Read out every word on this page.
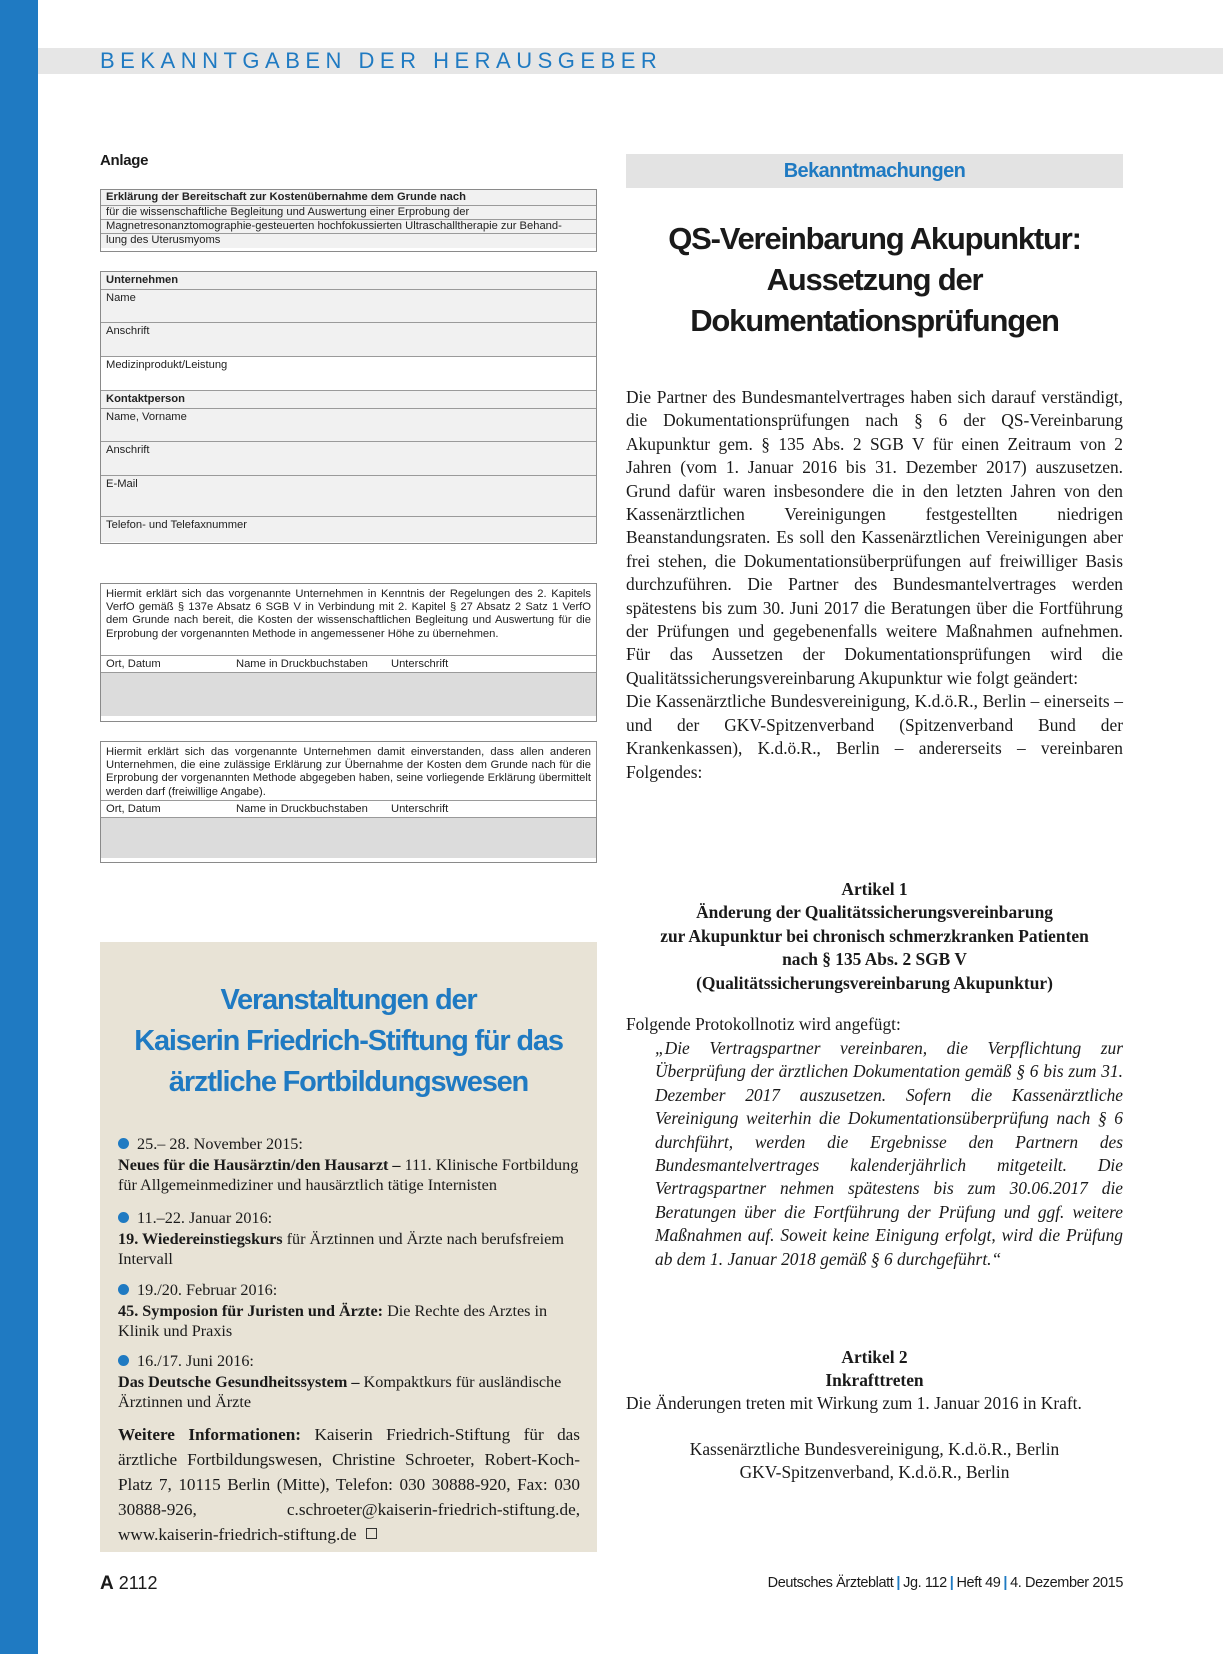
BEKANNTGABEN DER HERAUSGEBER
Anlage
Erklärung der Bereitschaft zur Kostenübernahme dem Grunde nach
für die wissenschaftliche Begleitung und Auswertung einer Erprobung der
Magnetresonanztomographie-gesteuerten hochfokussierten Ultraschalltherapie zur Behand-
lung des Uterusmyoms
Unternehmen
Name
Anschrift
Medizinprodukt/Leistung
Kontaktperson
Name, Vorname
Anschrift
E-Mail
Telefon- und Telefaxnummer
Hiermit erklärt sich das vorgenannte Unternehmen in Kenntnis der Regelungen des 2. Kapitels VerfO gemäß § 137e Absatz 6 SGB V in Verbindung mit 2. Kapitel § 27 Absatz 2 Satz 1 VerfO dem Grunde nach bereit, die Kosten der wissenschaftlichen Begleitung und Auswertung für die Erprobung der vorgenannten Methode in angemessener Höhe zu übernehmen.
Ort, Datum	Name in Druckbuchstaben	Unterschrift
Hiermit erklärt sich das vorgenannte Unternehmen damit einverstanden, dass allen anderen Unternehmen, die eine zulässige Erklärung zur Übernahme der Kosten dem Grunde nach für die Erprobung der vorgenannten Methode abgegeben haben, seine vorliegende Erklärung übermittelt werden darf (freiwillige Angabe).
Ort, Datum	Name in Druckbuchstaben	Unterschrift
Bekanntmachungen
QS-Vereinbarung Akupunktur:
Aussetzung der
Dokumentationsprüfungen
Die Partner des Bundesmantelvertrages haben sich darauf verständigt, die Dokumentationsprüfungen nach § 6 der QS-Vereinbarung Akupunktur gem. § 135 Abs. 2 SGB V für einen Zeitraum von 2 Jahren (vom 1. Januar 2016 bis 31. Dezember 2017) auszusetzen. Grund dafür waren insbesondere die in den letzten Jahren von den Kassenärztlichen Vereinigungen festgestellten niedrigen Beanstandungsraten. Es soll den Kassenärztlichen Vereinigungen aber frei stehen, die Dokumentationsüberprüfungen auf freiwilliger Basis durchzuführen. Die Partner des Bundesmantelvertrages werden spätestens bis zum 30. Juni 2017 die Beratungen über die Fortführung der Prüfungen und gegebenenfalls weitere Maßnahmen aufnehmen. Für das Aussetzen der Dokumentationsprüfungen wird die Qualitätssicherungsvereinbarung Akupunktur wie folgt geändert:
Die Kassenärztliche Bundesvereinigung, K.d.ö.R., Berlin – einerseits – und der GKV-Spitzenverband (Spitzenverband Bund der Krankenkassen), K.d.ö.R., Berlin – andererseits – vereinbaren Folgendes:
Artikel 1
Änderung der Qualitätssicherungsvereinbarung
zur Akupunktur bei chronisch schmerzkranken Patienten
nach § 135 Abs. 2 SGB V
(Qualitätssicherungsvereinbarung Akupunktur)
Folgende Protokollnotiz wird angefügt:
„Die Vertragspartner vereinbaren, die Verpflichtung zur Überprüfung der ärztlichen Dokumentation gemäß § 6 bis zum 31. Dezember 2017 auszusetzen. Sofern die Kassenärztliche Vereinigung weiterhin die Dokumentationsüberprüfung nach § 6 durchführt, werden die Ergebnisse den Partnern des Bundesmantelvertrages kalenderjährlich mitgeteilt. Die Vertragspartner nehmen spätestens bis zum 30.06.2017 die Beratungen über die Fortführung der Prüfung und ggf. weitere Maßnahmen auf. Soweit keine Einigung erfolgt, wird die Prüfung ab dem 1. Januar 2018 gemäß § 6 durchgeführt.“
Artikel 2
Inkrafttreten
Die Änderungen treten mit Wirkung zum 1. Januar 2016 in Kraft.
Kassenärztliche Bundesvereinigung, K.d.ö.R., Berlin
GKV-Spitzenverband, K.d.ö.R., Berlin
Veranstaltungen der
Kaiserin Friedrich-Stiftung für das
ärztliche Fortbildungswesen
25.– 28. November 2015:
Neues für die Hausärztin/den Hausarzt – 111. Klinische Fortbildung für Allgemeinmediziner und hausärztlich tätige Internisten
11.–22. Januar 2016:
19. Wiedereinstiegskurs für Ärztinnen und Ärzte nach berufsfreiem Intervall
19./20. Februar 2016:
45. Symposion für Juristen und Ärzte: Die Rechte des Arztes in Klinik und Praxis
16./17. Juni 2016:
Das Deutsche Gesundheitssystem – Kompaktkurs für ausländische Ärztinnen und Ärzte
Weitere Informationen: Kaiserin Friedrich-Stiftung für das ärztliche Fortbildungswesen, Christine Schroeter, Robert-Koch-Platz 7, 10115 Berlin (Mitte), Telefon: 030 30888-920, Fax: 030 30888-926, c.schroeter@kaiserin-friedrich-stiftung.de, www.kaiserin-friedrich-stiftung.de
A 2112	Deutsches Ärzteblatt | Jg. 112 | Heft 49 | 4. Dezember 2015
